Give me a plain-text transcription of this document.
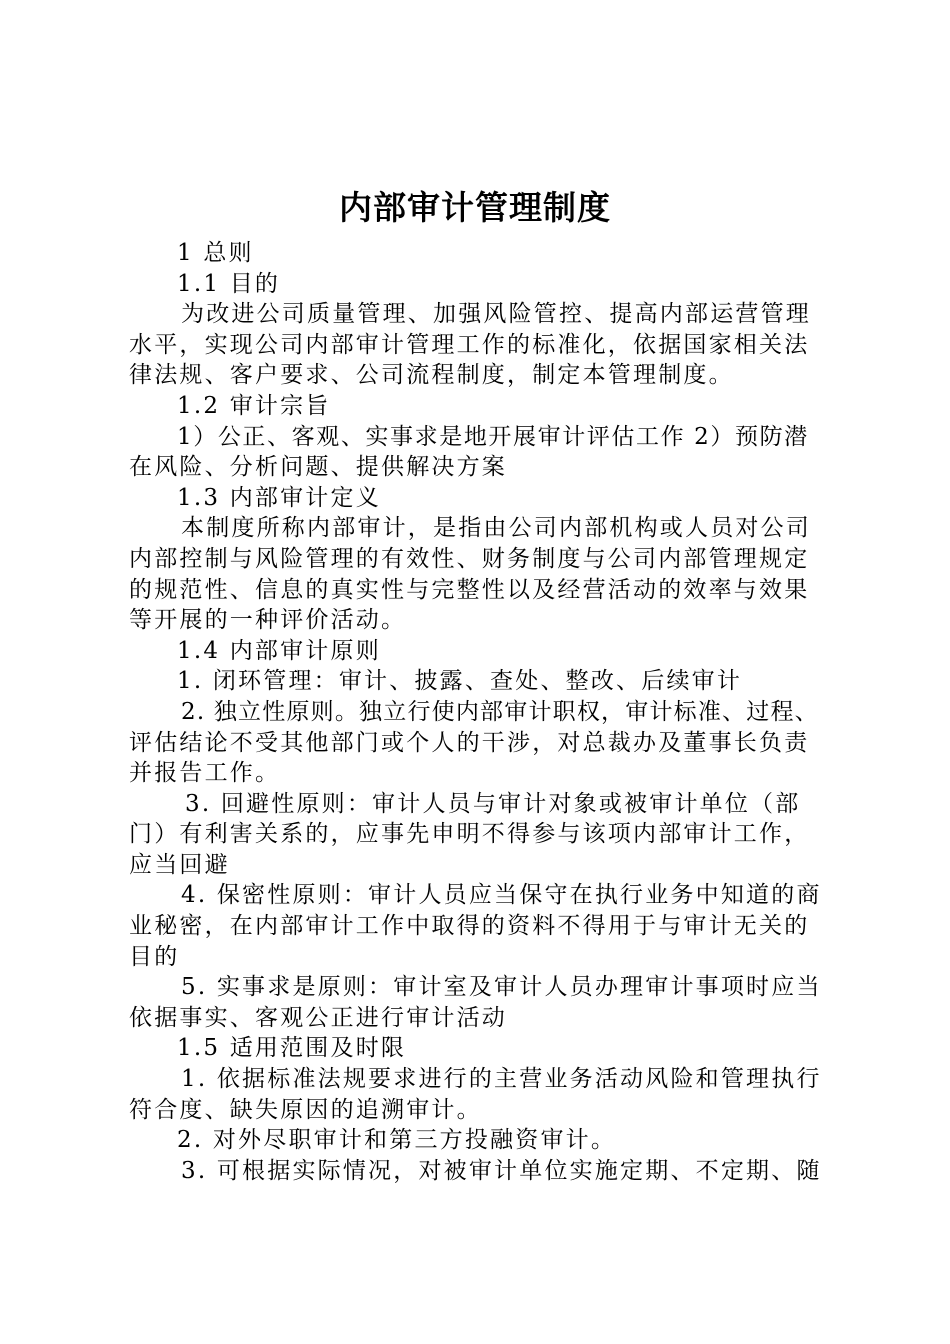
内部审计管理制度
1 总则
1.1 目的
为改进公司质量管理、加强风险管控、提高内部运营管理
水平，实现公司内部审计管理工作的标准化，依据国家相关法
律法规、客户要求、公司流程制度，制定本管理制度。
1.2 审计宗旨
1）公正、客观、实事求是地开展审计评估工作 2）预防潜
在风险、分析问题、提供解决方案
1.3 内部审计定义
本制度所称内部审计，是指由公司内部机构或人员对公司
内部控制与风险管理的有效性、财务制度与公司内部管理规定
的规范性、信息的真实性与完整性以及经营活动的效率与效果
等开展的一种评价活动。
1.4 内部审计原则
1. 闭环管理：审计、披露、查处、整改、后续审计
2. 独立性原则。独立行使内部审计职权，审计标准、过程、
评估结论不受其他部门或个人的干涉，对总裁办及董事长负责
并报告工作。
3. 回避性原则：审计人员与审计对象或被审计单位（部
门）有利害关系的，应事先申明不得参与该项内部审计工作，
应当回避
4. 保密性原则：审计人员应当保守在执行业务中知道的商
业秘密，在内部审计工作中取得的资料不得用于与审计无关的
目的
5. 实事求是原则：审计室及审计人员办理审计事项时应当
依据事实、客观公正进行审计活动
1.5 适用范围及时限
1. 依据标准法规要求进行的主营业务活动风险和管理执行
符合度、缺失原因的追溯审计。
2. 对外尽职审计和第三方投融资审计。
3. 可根据实际情况，对被审计单位实施定期、不定期、随
